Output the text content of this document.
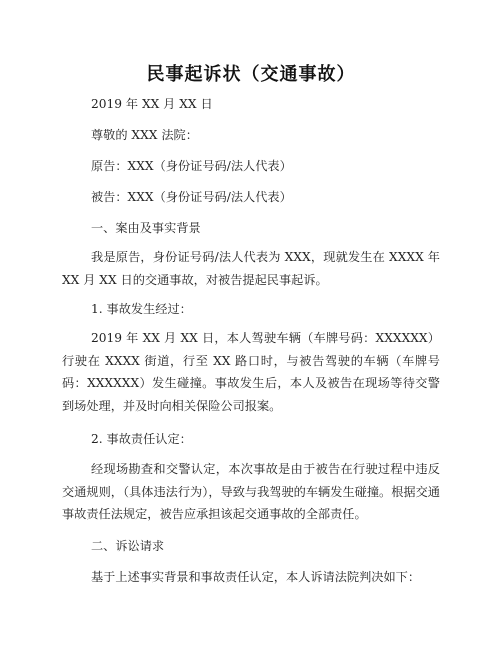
民事起诉状（交通事故）
2019 年 XX 月 XX 日
尊敬的 XXX 法院：
原告：XXX（身份证号码/法人代表）
被告：XXX（身份证号码/法人代表）
一、案由及事实背景
我是原告，身份证号码/法人代表为 XXX，现就发生在 XXXX 年 XX 月 XX 日的交通事故，对被告提起民事起诉。
1. 事故发生经过：
2019 年 XX 月 XX 日，本人驾驶车辆（车牌号码：XXXXXX）行驶在 XXXX 街道，行至 XX 路口时，与被告驾驶的车辆（车牌号码：XXXXXX）发生碰撞。事故发生后，本人及被告在现场等待交警到场处理，并及时向相关保险公司报案。
2. 事故责任认定：
经现场勘查和交警认定，本次事故是由于被告在行驶过程中违反交通规则，（具体违法行为），导致与我驾驶的车辆发生碰撞。根据交通事故责任法规定，被告应承担该起交通事故的全部责任。
二、诉讼请求
基于上述事实背景和事故责任认定，本人诉请法院判决如下：
